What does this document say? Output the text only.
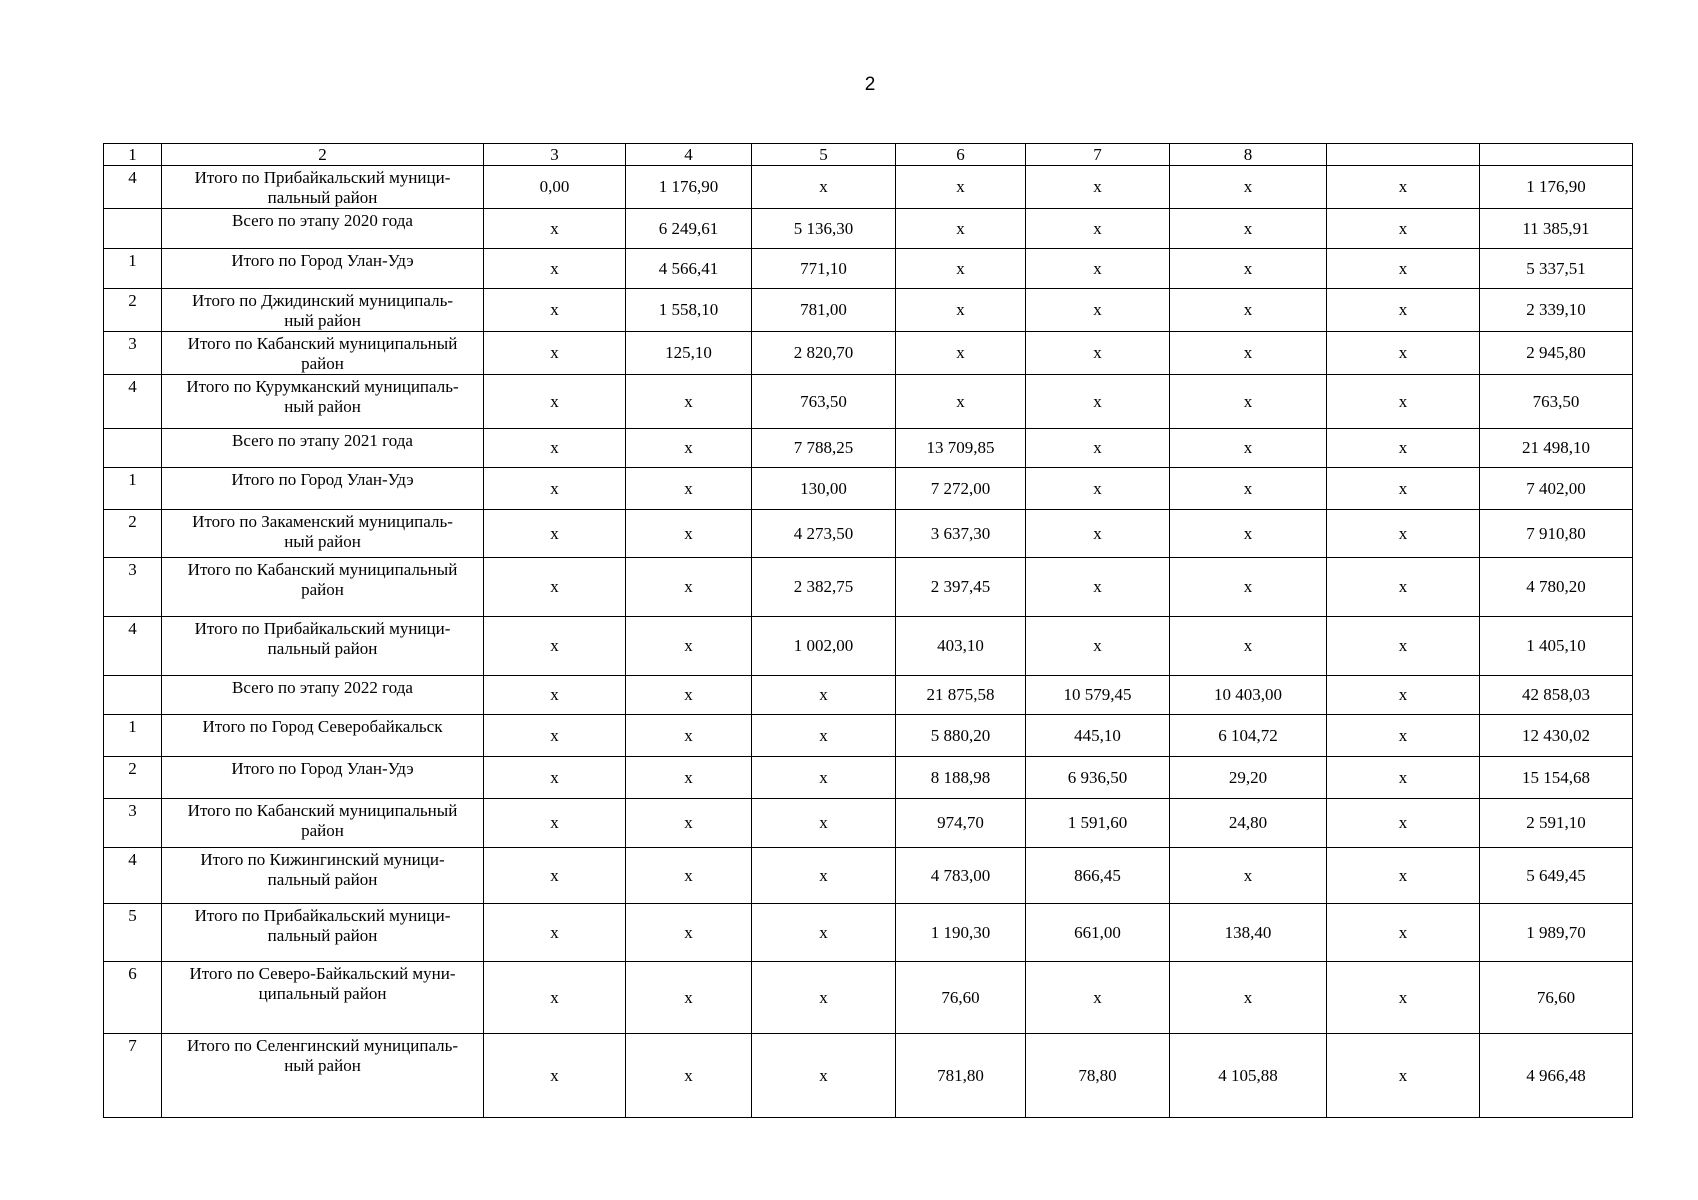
2
1	2	3	4	5	6	7	8		
4	Итого по Прибайкальский муници-
пальный район	0,00	1 176,90	х	х	х	х	х	1 176,90
	Всего по этапу 2020 года	х	6 249,61	5 136,30	х	х	х	х	11 385,91
1	Итого по Город Улан-Удэ	х	4 566,41	771,10	х	х	х	х	5 337,51
2	Итого по Джидинский муниципаль-
ный район	х	1 558,10	781,00	х	х	х	х	2 339,10
3	Итого по Кабанский муниципальный
район	х	125,10	2 820,70	х	х	х	х	2 945,80
4	Итого по Курумканский муниципаль-
ный район	х	х	763,50	х	х	х	х	763,50
	Всего по этапу 2021 года	х	х	7 788,25	13 709,85	х	х	х	21 498,10
1	Итого по Город Улан-Удэ	х	х	130,00	7 272,00	х	х	х	7 402,00
2	Итого по Закаменский муниципаль-
ный район	х	х	4 273,50	3 637,30	х	х	х	7 910,80
3	Итого по Кабанский муниципальный
район	х	х	2 382,75	2 397,45	х	х	х	4 780,20
4	Итого по Прибайкальский муници-
пальный район	х	х	1 002,00	403,10	х	х	х	1 405,10
	Всего по этапу 2022 года	х	х	х	21 875,58	10 579,45	10 403,00	х	42 858,03
1	Итого по Город Северобайкальск	х	х	х	5 880,20	445,10	6 104,72	х	12 430,02
2	Итого по Город Улан-Удэ	х	х	х	8 188,98	6 936,50	29,20	х	15 154,68
3	Итого по Кабанский муниципальный
район	х	х	х	974,70	1 591,60	24,80	х	2 591,10
4	Итого по Кижингинский муници-
пальный район	х	х	х	4 783,00	866,45	х	х	5 649,45
5	Итого по Прибайкальский муници-
пальный район	х	х	х	1 190,30	661,00	138,40	х	1 989,70
6	Итого по Северо-Байкальский муни-
ципальный район	х	х	х	76,60	х	х	х	76,60
7	Итого по Селенгинский муниципаль-
ный район	х	х	х	781,80	78,80	4 105,88	х	4 966,48
